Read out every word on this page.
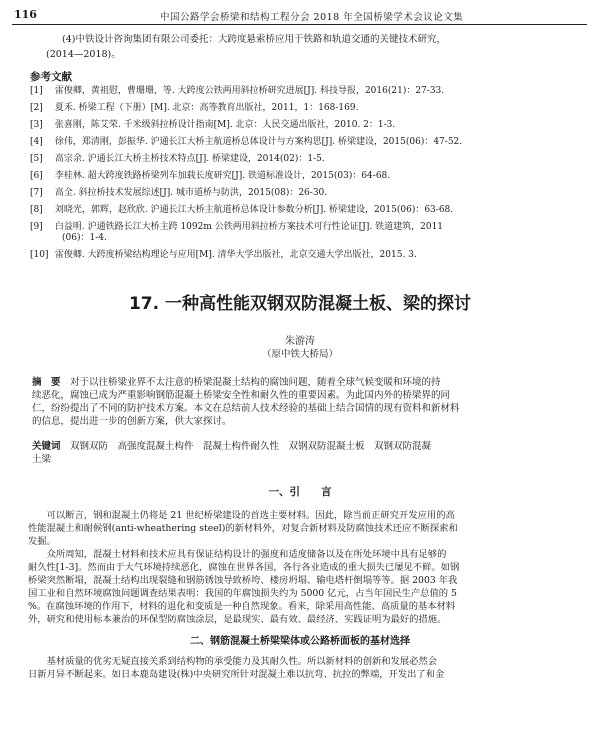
116	中国公路学会桥梁和结构工程分会 2018 年全国桥梁学术会议论文集
(4)中铁设计咨询集团有限公司委托：大跨度悬索桥应用于铁路和轨道交通的关键技术研究，
(2014—2018)。
参考文献
[1] 雷俊卿，黄祖慰，曹珊珊，等. 大跨度公铁两用斜拉桥研究进展[J]. 科技导报，2016(21)：27-33.
[2] 夏禾. 桥梁工程（下册）[M]. 北京：高等教育出版社，2011，1：168-169.
[3] 张喜刚，陈艾荣. 千米级斜拉桥设计指南[M]. 北京：人民交通出版社，2010. 2：1-3.
[4] 徐伟，郑清刚，彭振华. 沪通长江大桥主航道桥总体设计与方案构思[J]. 桥梁建设，2015(06)：47-52.
[5] 高宗余. 沪通长江大桥主桥技术特点[J]. 桥梁建设，2014(02)：1-5.
[6] 李桂林. 超大跨度铁路桥梁列车加载长度研究[J]. 铁道标准设计，2015(03)：64-68.
[7] 高全. 斜拉桥技术发展综述[J]. 城市道桥与防洪，2015(08)：26-30.
[8] 刘晓光，郭辉，赵欣欣. 沪通长江大桥主航道桥总体设计参数分析[J]. 桥梁建设，2015(06)：63-68.
[9] 白益明. 沪通铁路长江大桥主跨 1092m 公铁两用斜拉桥方案技术可行性论证[J]. 铁道建筑，2011
(06)：1-4.
[10] 雷俊卿. 大跨度桥梁结构理论与应用[M]. 清华大学出版社，北京交通大学出版社，2015. 3.
17. 一种高性能双钢双防混凝土板、梁的探讨
朱游涛
（原中铁大桥局）
摘　要　 对于以往桥梁业界不太注意的桥梁混凝土结构的腐蚀问题，随着全球气候变暖和环境的持
续恶化，腐蚀已成为严重影响钢筋混凝土桥梁安全性和耐久性的重要因素。为此国内外的桥梁界的同
仁，纷纷提出了不同的防护技术方案。本文在总结前人技术经验的基础上结合国情的现有资料和新材料
的信息，提出进一步的创新方案，供大家探讨。
关键词　 双钢双防　高强度混凝土构件　混凝土构件耐久性　双钢双防混凝土板　双钢双防混凝
土梁
一、引　　言
可以断言，钢和混凝土仍将是 21 世纪桥梁建设的首选主要材料。因此，除当前正研究开发应用的高
性能混凝土和耐候钢(anti-wheathering steel)的新材料外，对复合新材料及防腐蚀技术还应不断探索和
发掘。
众所周知，混凝土材料和技术应具有保证结构设计的强度和适度储备以及在所处环境中具有足够的
耐久性[1-3]。然而由于大气环境持续恶化，腐蚀在世界各国，各行各业造成的重大损失已屡见不鲜。如钢
桥梁突然断塌，混凝土结构出现裂缝和钢筋锈蚀导致桥垮、楼房坍塌、输电塔杆倒塌等等。据 2003 年我
国工业和自然环境腐蚀问题调查结果表明：我国的年腐蚀损失约为 5000 亿元，占当年国民生产总值的 5
%。在腐蚀环境的作用下，材料的退化和变质是一种自然现象。看来，除采用高性能、高质量的基本材料
外，研究和使用标本兼治的环保型防腐蚀涂层，是最现实、最有效、最经济、实践证明为最好的措施。
二、钢筋混凝土桥梁梁体或公路桥面板的基材选择
基材质量的优劣无疑直接关系到结构物的承受能力及其耐久性。所以新材料的创新和发展必然会
日新月异不断起来。如日本鹿岛建设(株)中央研究所针对混凝土难以抗弯、抗拉的弊端，开发出了和金
